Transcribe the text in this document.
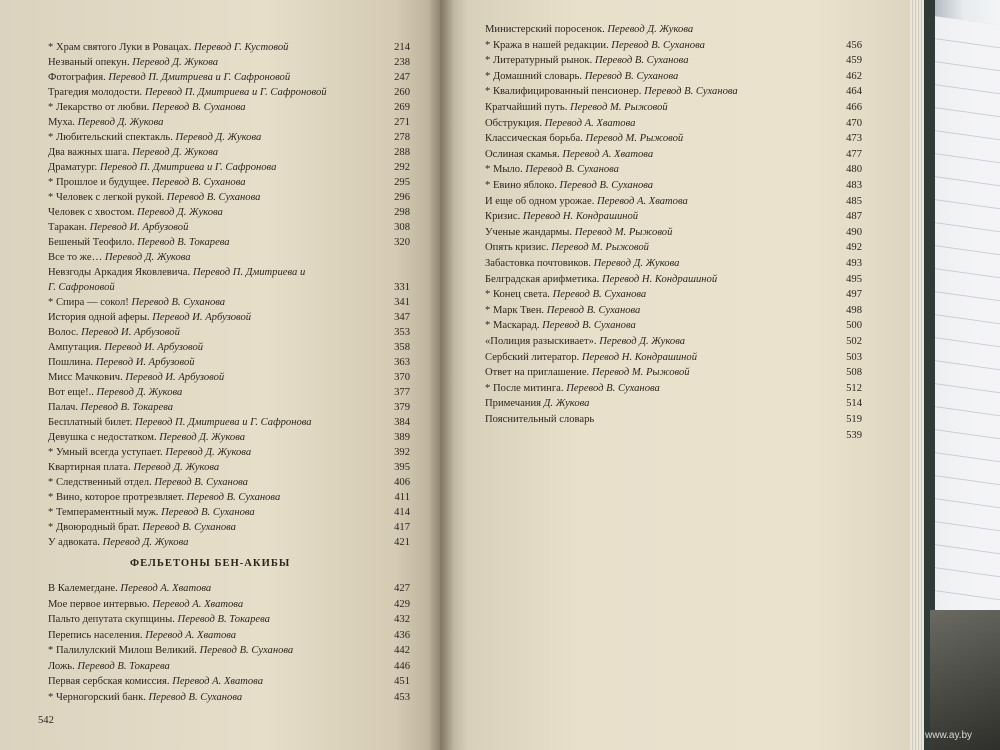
ФЕЛЬЕТОНЫ БЕН-АКИБЫ
542
www.ay.by
* Храм святого Луки в Ровацах. Перевод Г. Кустовой	214
Незваный опекун. Перевод Д. Жукова	238
Фотография. Перевод П. Дмитриева и Г. Сафроновой	247
Трагедия молодости. Перевод П. Дмитриева и Г. Сафроновой	260
* Лекарство от любви. Перевод В. Суханова	269
Муха. Перевод Д. Жукова	271
* Любительский спектакль. Перевод Д. Жукова	278
Два важных шага. Перевод Д. Жукова	288
Драматург. Перевод П. Дмитриева и Г. Сафронова	292
* Прошлое и будущее. Перевод В. Суханова	295
* Человек с легкой рукой. Перевод В. Суханова	296
Человек с хвостом. Перевод Д. Жукова	298
Таракан. Перевод И. Арбузовой	308
Бешеный Теофило. Перевод В. Токарева	320
Все то же… Перевод Д. Жукова
Невзгоды Аркадия Яковлевича. Перевод П. Дмитриева и
Г. Сафроновой	331
* Спира — сокол! Перевод В. Суханова	341
История одной аферы. Перевод И. Арбузовой	347
Волос. Перевод И. Арбузовой	353
Ампутация. Перевод И. Арбузовой	358
Пошлина. Перевод И. Арбузовой	363
Мисс Мачкович. Перевод И. Арбузовой	370
Вот еще!.. Перевод Д. Жукова	377
Палач. Перевод В. Токарева	379
Бесплатный билет. Перевод П. Дмитриева и Г. Сафронова	384
Девушка с недостатком. Перевод Д. Жукова	389
* Умный всегда уступает. Перевод Д. Жукова	392
Квартирная плата. Перевод Д. Жукова	395
* Следственный отдел. Перевод В. Суханова	406
* Вино, которое протрезвляет. Перевод В. Суханова	411
* Темпераментный муж. Перевод В. Суханова	414
* Двоюродный брат. Перевод В. Суханова	417
У адвоката. Перевод Д. Жукова	421
В Калемегдане. Перевод А. Хватова	427
Мое первое интервью. Перевод А. Хватова	429
Пальто депутата скупщины. Перевод В. Токарева	432
Перепись населения. Перевод А. Хватова	436
* Палилулский Милош Великий. Перевод В. Суханова	442
Ложь. Перевод В. Токарева	446
Первая сербская комиссия. Перевод А. Хватова	451
* Черногорский банк. Перевод В. Суханова	453
Министерский поросенок. Перевод Д. Жукова
* Кража в нашей редакции. Перевод В. Суханова	456
* Литературный рынок. Перевод В. Суханова	459
* Домашний словарь. Перевод В. Суханова	462
* Квалифицированный пенсионер. Перевод В. Суханова	464
Кратчайший путь. Перевод М. Рыжовой	466
Обструкция. Перевод А. Хватова	470
Классическая борьба. Перевод М. Рыжовой	473
Ослиная скамья. Перевод А. Хватова	477
* Мыло. Перевод В. Суханова	480
* Евино яблоко. Перевод В. Суханова	483
И еще об одном урожае. Перевод А. Хватова	485
Кризис. Перевод Н. Кондрашиной	487
Ученые жандармы. Перевод М. Рыжовой	490
Опять кризис. Перевод М. Рыжовой	492
Забастовка почтовиков. Перевод Д. Жукова	493
Белградская арифметика. Перевод Н. Кондрашиной	495
* Конец света. Перевод В. Суханова	497
* Марк Твен. Перевод В. Суханова	498
* Маскарад. Перевод В. Суханова	500
«Полиция разыскивает». Перевод Д. Жукова	502
Сербский литератор. Перевод Н. Кондрашиной	503
Ответ на приглашение. Перевод М. Рыжовой	508
* После митинга. Перевод В. Суханова	512
Примечания Д. Жукова	514
Пояснительный словарь	519
539
